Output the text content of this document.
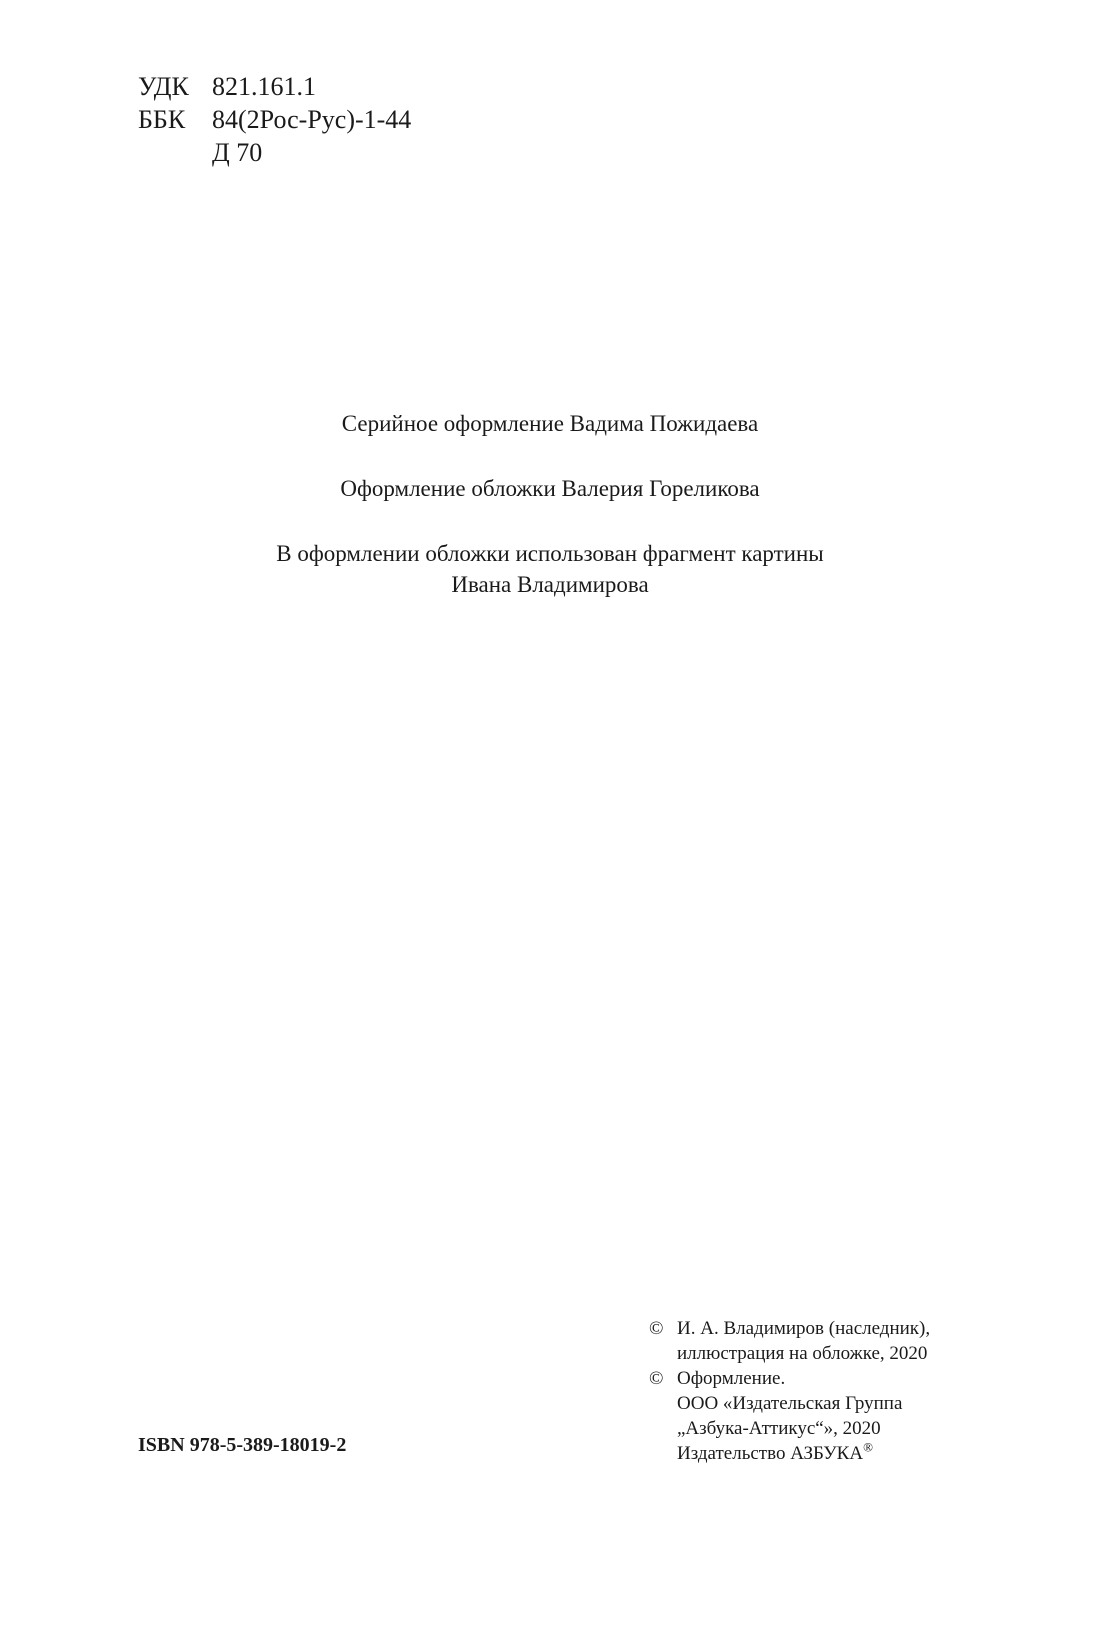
УДК 821.161.1
ББК	84(2Рос-Рус)-1-44
Д 70

Серийное оформление Вадима Пожидаева

Оформление обложки Валерия Гореликова

В оформлении обложки использован фрагмент картины
Ивана Владимирова
© И. А. Владимиров (наследник),
иллюстрация на обложке, 2020
© Оформление.
ООО «Издательская Группа
„Азбука-Аттикус“», 2020
Издательство АЗБУКА®
ISBN 978-5-389-18019-2
